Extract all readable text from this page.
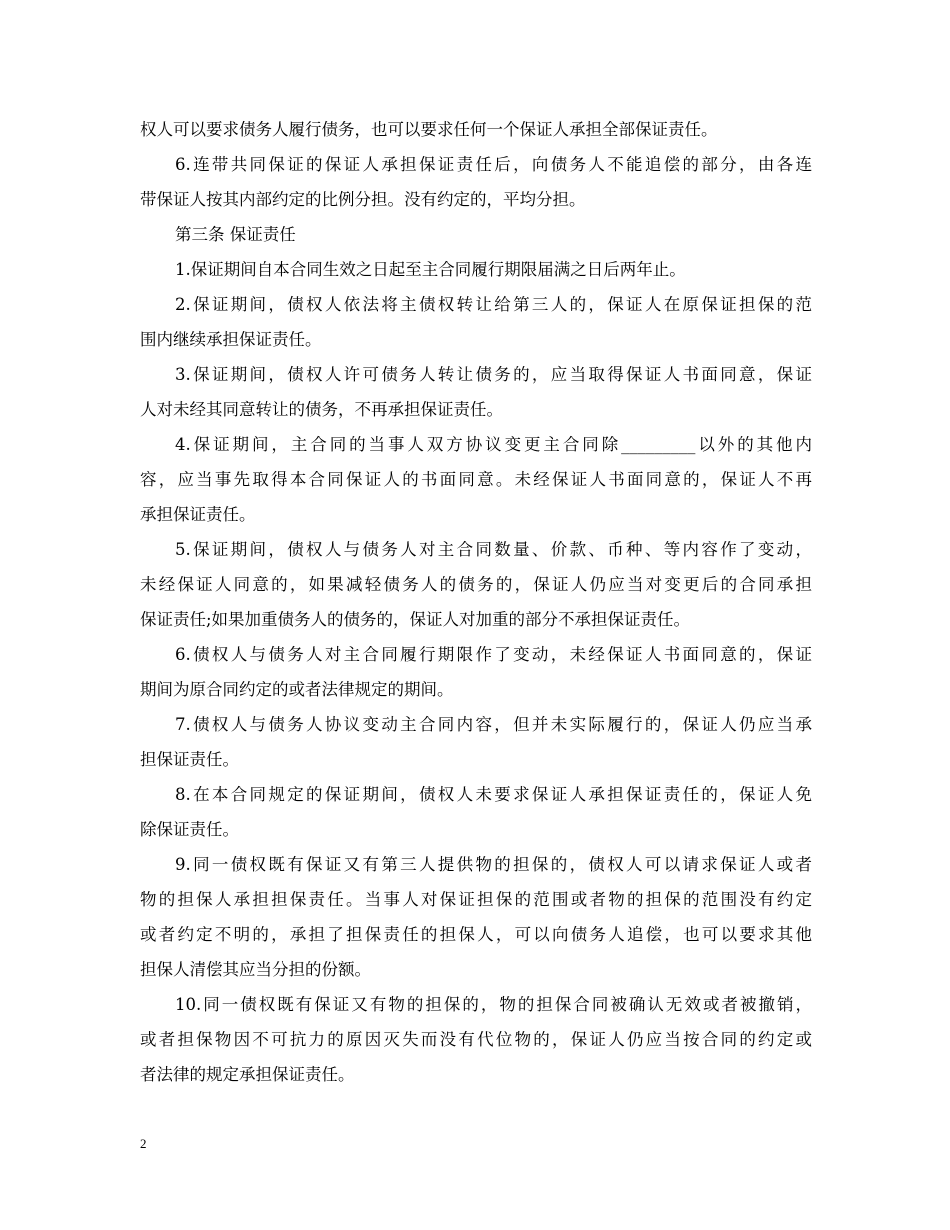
权人可以要求债务人履行债务，也可以要求任何一个保证人承担全部保证责任。
6.连带共同保证的保证人承担保证责任后，向债务人不能追偿的部分，由各连
带保证人按其内部约定的比例分担。没有约定的，平均分担。
第三条 保证责任
1.保证期间自本合同生效之日起至主合同履行期限届满之日后两年止。
2.保证期间，债权人依法将主债权转让给第三人的，保证人在原保证担保的范
围内继续承担保证责任。
3.保证期间，债权人许可债务人转让债务的，应当取得保证人书面同意，保证
人对未经其同意转让的债务，不再承担保证责任。
4.保证期间，主合同的当事人双方协议变更主合同除_________以外的其他内
容，应当事先取得本合同保证人的书面同意。未经保证人书面同意的，保证人不再
承担保证责任。
5.保证期间，债权人与债务人对主合同数量、价款、币种、等内容作了变动，
未经保证人同意的，如果减轻债务人的债务的，保证人仍应当对变更后的合同承担
保证责任;如果加重债务人的债务的，保证人对加重的部分不承担保证责任。
6.债权人与债务人对主合同履行期限作了变动，未经保证人书面同意的，保证
期间为原合同约定的或者法律规定的期间。
7.债权人与债务人协议变动主合同内容，但并未实际履行的，保证人仍应当承
担保证责任。
8.在本合同规定的保证期间，债权人未要求保证人承担保证责任的，保证人免
除保证责任。
9.同一债权既有保证又有第三人提供物的担保的，债权人可以请求保证人或者
物的担保人承担担保责任。当事人对保证担保的范围或者物的担保的范围没有约定
或者约定不明的，承担了担保责任的担保人，可以向债务人追偿，也可以要求其他
担保人清偿其应当分担的份额。
10.同一债权既有保证又有物的担保的，物的担保合同被确认无效或者被撤销，
或者担保物因不可抗力的原因灭失而没有代位物的，保证人仍应当按合同的约定或
者法律的规定承担保证责任。
2
